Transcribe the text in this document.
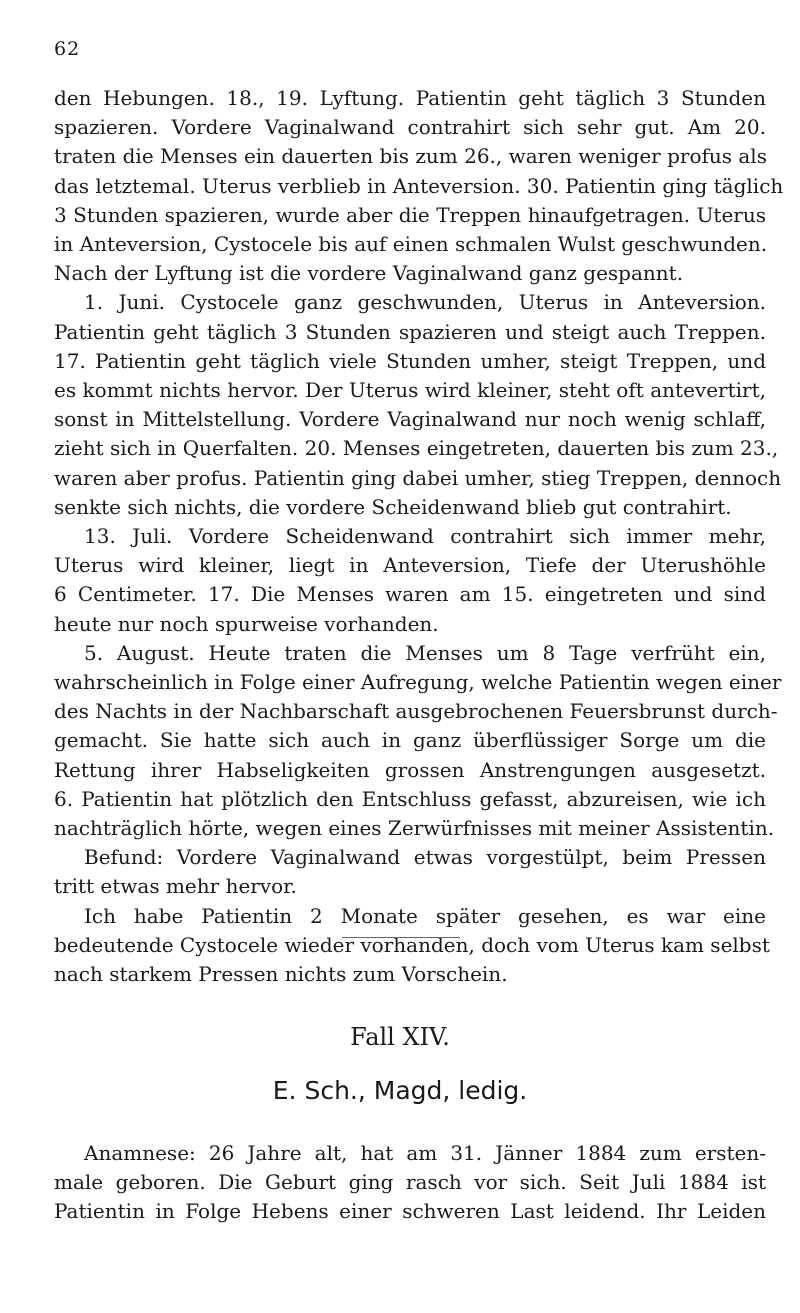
62
den Hebungen. 18., 19. Lyftung. Patientin geht täglich 3 Stunden
spazieren. Vordere Vaginalwand contrahirt sich sehr gut. Am 20.
traten die Menses ein dauerten bis zum 26., waren weniger profus als
das letztemal. Uterus verblieb in Anteversion. 30. Patientin ging täglich
3 Stunden spazieren, wurde aber die Treppen hinaufgetragen. Uterus
in Anteversion, Cystocele bis auf einen schmalen Wulst geschwunden.
Nach der Lyftung ist die vordere Vaginalwand ganz gespannt.
1. Juni. Cystocele ganz geschwunden, Uterus in Anteversion.
Patientin geht täglich 3 Stunden spazieren und steigt auch Treppen.
17. Patientin geht täglich viele Stunden umher, steigt Treppen, und
es kommt nichts hervor. Der Uterus wird kleiner, steht oft antevertirt,
sonst in Mittelstellung. Vordere Vaginalwand nur noch wenig schlaff,
zieht sich in Querfalten. 20. Menses eingetreten, dauerten bis zum 23.,
waren aber profus. Patientin ging dabei umher, stieg Treppen, dennoch
senkte sich nichts, die vordere Scheidenwand blieb gut contrahirt.
13. Juli. Vordere Scheidenwand contrahirt sich immer mehr,
Uterus wird kleiner, liegt in Anteversion, Tiefe der Uterushöhle
6 Centimeter. 17. Die Menses waren am 15. eingetreten und sind
heute nur noch spurweise vorhanden.
5. August. Heute traten die Menses um 8 Tage verfrüht ein,
wahrscheinlich in Folge einer Aufregung, welche Patientin wegen einer
des Nachts in der Nachbarschaft ausgebrochenen Feuersbrunst durch-
gemacht. Sie hatte sich auch in ganz überflüssiger Sorge um die
Rettung ihrer Habseligkeiten grossen Anstrengungen ausgesetzt.
6. Patientin hat plötzlich den Entschluss gefasst, abzureisen, wie ich
nachträglich hörte, wegen eines Zerwürfnisses mit meiner Assistentin.
Befund: Vordere Vaginalwand etwas vorgestülpt, beim Pressen
tritt etwas mehr hervor.
Ich habe Patientin 2 Monate später gesehen, es war eine
bedeutende Cystocele wieder vorhanden, doch vom Uterus kam selbst
nach starkem Pressen nichts zum Vorschein.
Fall XIV.
E. Sch., Magd, ledig.
Anamnese: 26 Jahre alt, hat am 31. Jänner 1884 zum ersten-
male geboren. Die Geburt ging rasch vor sich. Seit Juli 1884 ist
Patientin in Folge Hebens einer schweren Last leidend. Ihr Leiden
